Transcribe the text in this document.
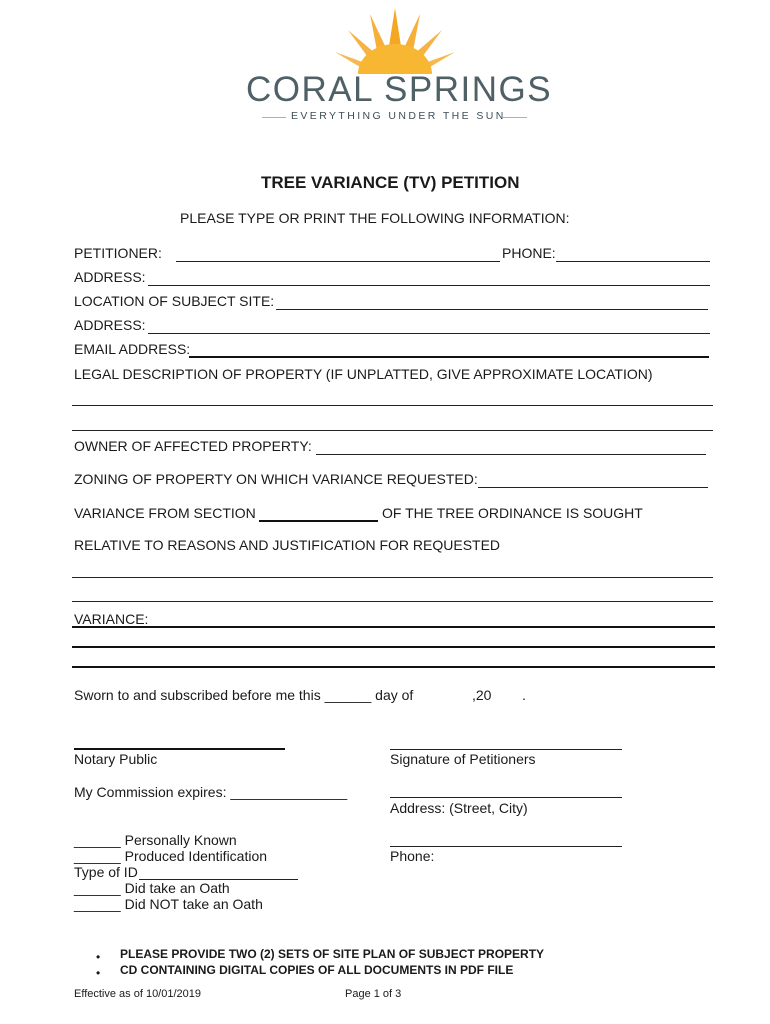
CORAL SPRINGS
EVERYTHING UNDER THE SUN
TREE VARIANCE (TV) PETITION
PLEASE TYPE OR PRINT THE FOLLOWING INFORMATION:
PETITIONER:	PHONE:
ADDRESS:
LOCATION OF SUBJECT SITE:
ADDRESS:
EMAIL ADDRESS:
LEGAL DESCRIPTION OF PROPERTY (IF UNPLATTED, GIVE APPROXIMATE LOCATION)
OWNER OF AFFECTED PROPERTY:
ZONING OF PROPERTY ON WHICH VARIANCE REQUESTED:
VARIANCE FROM SECTION	OF THE TREE ORDINANCE IS SOUGHT
RELATIVE TO REASONS AND JUSTIFICATION FOR REQUESTED
VARIANCE:
Sworn to and subscribed before me this ______ day of	,20 .
Notary Public	Signature of Petitioners
My Commission expires: _______________
Address: (Street, City)
______ Personally Known
______ Produced Identification	Phone:
Type of ID
______ Did take an Oath
______ Did NOT take an Oath
• PLEASE PROVIDE TWO (2) SETS OF SITE PLAN OF SUBJECT PROPERTY
• CD CONTAINING DIGITAL COPIES OF ALL DOCUMENTS IN PDF FILE
Effective as of 10/01/2019	Page 1 of 3
